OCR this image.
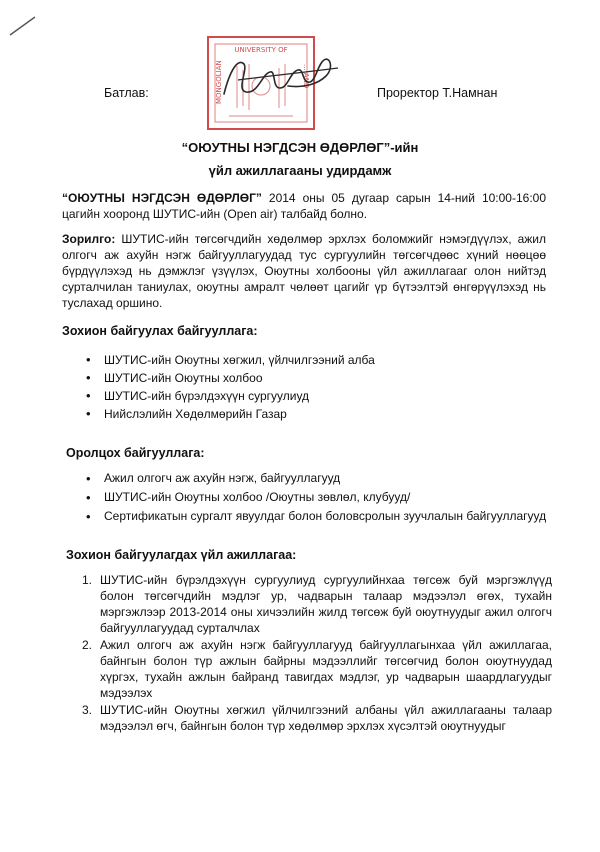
UNIVERSITY OF
MONGOLIAN	... AND
Батлав:	Проректор Т.Намнан
“ОЮУТНЫ НЭГДСЭН ӨДӨРЛӨГ”-ийн
үйл ажиллагааны удирдамж
“ОЮУТНЫ НЭГДСЭН ӨДӨРЛӨГ” 2014 оны 05 дугаар сарын 14-ний 10:00-16:00 цагийн хооронд ШУТИС-ийн (Open air) талбайд болно.
Зорилго: ШУТИС-ийн төгсөгчдийн хөдөлмөр эрхлэх боломжийг нэмэгдүүлэх, ажил олгогч аж ахуйн нэгж байгууллагуудад тус сургуулийн төгсөгчдөөс хүний нөөцөө бүрдүүлэхэд нь дэмжлэг үзүүлэх, Оюутны холбооны үйл ажиллагааг олон нийтэд сурталчилан таниулах, оюутны амралт чөлөөт цагийг үр бүтээлтэй өнгөрүүлэхэд нь туслахад оршино.
Зохион байгуулах байгууллага:
• ШУТИС-ийн Оюутны хөгжил, үйлчилгээний алба
• ШУТИС-ийн Оюутны холбоо
• ШУТИС-ийн бүрэлдэхүүн сургуулиуд
• Нийслэлийн Хөдөлмөрийн Газар
Оролцох байгууллага:
• Ажил олгогч аж ахуйн нэгж, байгууллагууд
• ШУТИС-ийн Оюутны холбоо /Оюутны зөвлөл, клубууд/
• Сертификатын сургалт явуулдаг болон боловсролын зуучлалын байгууллагууд
Зохион байгуулагдах үйл ажиллагаа:
1. ШУТИС-ийн бүрэлдэхүүн сургуулиуд сургуулийнхаа төгсөж буй мэргэжлүүд болон төгсөгчдийн мэдлэг ур, чадварын талаар мэдээлэл өгөх, тухайн мэргэжлээр 2013-2014 оны хичээлийн жилд төгсөж буй оюутнуудыг ажил олгогч байгууллагуудад сурталчлах
2. Ажил олгогч аж ахуйн нэгж байгууллагууд байгууллагынхаа үйл ажиллагаа, байнгын болон түр ажлын байрны мэдээллийг төгсөгчид болон оюутнуудад хүргэх, тухайн ажлын байранд тавигдах мэдлэг, ур чадварын шаардлагуудыг мэдээлэх
3. ШУТИС-ийн Оюутны хөгжил үйлчилгээний албаны үйл ажиллагааны талаар мэдээлэл өгч, байнгын болон түр хөдөлмөр эрхлэх хүсэлтэй оюутнуудыг
